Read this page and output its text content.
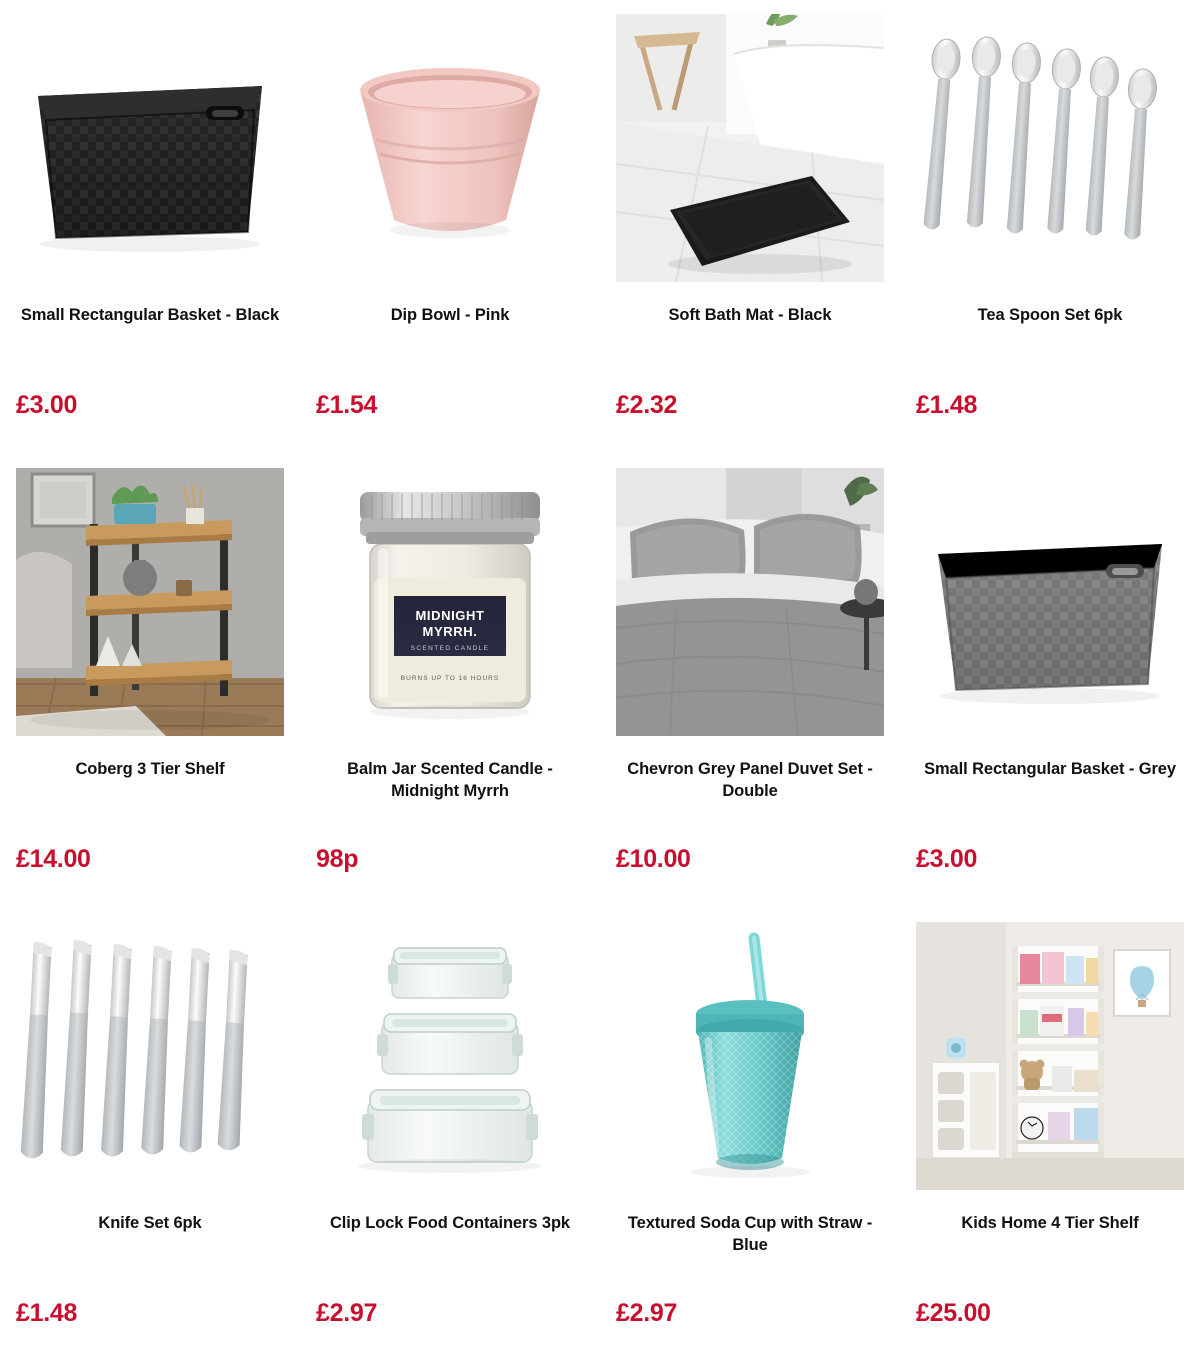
Small Rectangular Basket - Black
£3.00
Dip Bowl - Pink
£1.54
Soft Bath Mat - Black
£2.32
Tea Spoon Set 6pk
£1.48
Coberg 3 Tier Shelf
£14.00
MIDNIGHT
MYRRH.
SCENTED CANDLE
BURNS UP TO 16 HOURS
Balm Jar Scented Candle - Midnight Myrrh
98p
Chevron Grey Panel Duvet Set - Double
£10.00
Small Rectangular Basket - Grey
£3.00
Knife Set 6pk
£1.48
Clip Lock Food Containers 3pk
£2.97
Textured Soda Cup with Straw - Blue
£2.97
Kids Home 4 Tier Shelf
£25.00
